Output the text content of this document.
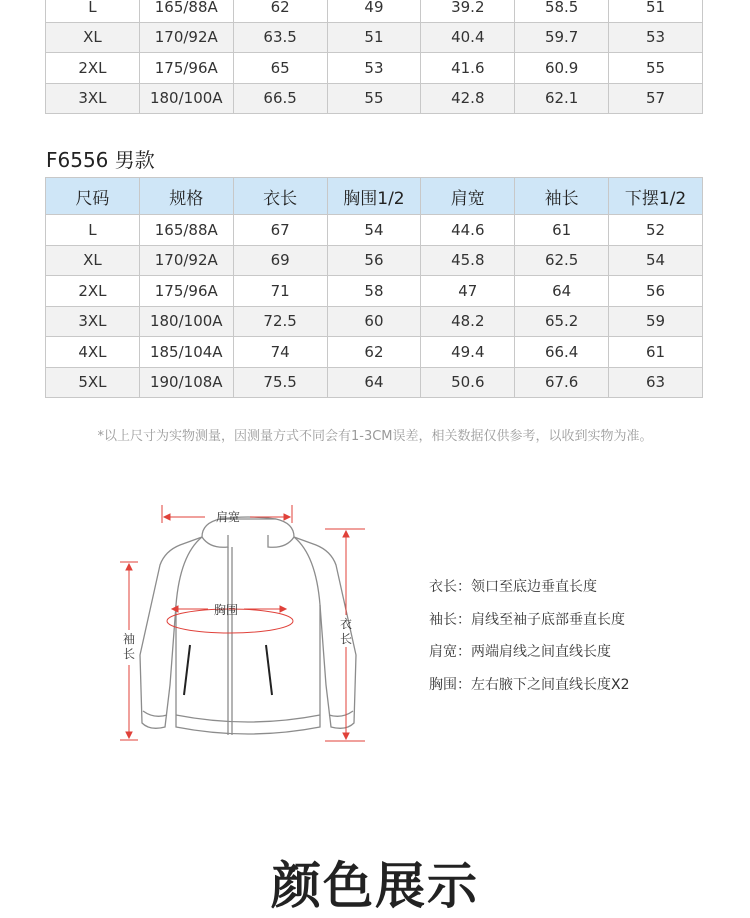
L	165/88A	62	49	39.2	58.5	51
XL	170/92A	63.5	51	40.4	59.7	53
2XL	175/96A	65	53	41.6	60.9	55
3XL	180/100A	66.5	55	42.8	62.1	57
F6556 男款
尺码	规格	衣长	胸围1/2	肩宽	袖长	下摆1/2
L	165/88A	67	54	44.6	61	52
XL	170/92A	69	56	45.8	62.5	54
2XL	175/96A	71	58	47	64	56
3XL	180/100A	72.5	60	48.2	65.2	59
4XL	185/104A	74	62	49.4	66.4	61
5XL	190/108A	75.5	64	50.6	67.6	63
*以上尺寸为实物测量，因测量方式不同会有1-3CM误差，相关数据仅供参考，以收到实物为准。
肩宽
胸围
袖
长
衣
长
衣长：领口至底边垂直长度
袖长：肩线至袖子底部垂直长度
肩宽：两端肩线之间直线长度
胸围：左右腋下之间直线长度X2
颜色展示
